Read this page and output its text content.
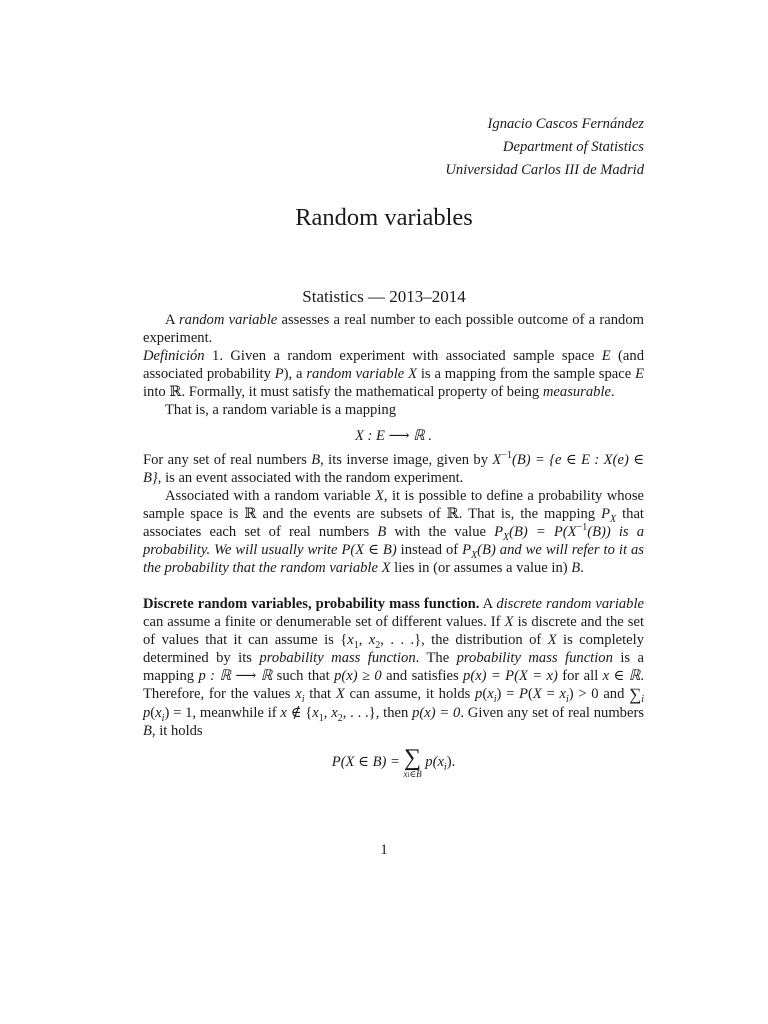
Ignacio Cascos Fernández
Department of Statistics
Universidad Carlos III de Madrid
Random variables
Statistics — 2013–2014

A random variable assesses a real number to each possible outcome of a random experiment.

Definición 1. Given a random experiment with associated sample space E (and associated probability P), a random variable X is a mapping from the sample space E into ℝ. Formally, it must satisfy the mathematical property of being measurable.

That is, a random variable is a mapping

X : E ⟶ ℝ .

For any set of real numbers B, its inverse image, given by $X^{-1}(B) = \{e$ ∈ E : X(e) ∈ B}, is an event associated with the random experiment.

Associated with a random variable X, it is possible to define a probability whose sample space is ℝ and the events are subsets of ℝ. That is, the mapping $P_X$ that associates each set of real numbers B with the value $P_X(B) = P(X^{-1}(B))$ is a probability. We will usually write P(X ∈ B) instead of $P_X(B)$ and we will refer to it as the probability that the random variable X lies in (or assumes a value in) B.

Discrete random variables, probability mass function. A discrete random variable can assume a finite or denumerable set of different values. If X is discrete and the set of values that it can assume is {$x_1$, $x_2$, . . .}, the distribution of X is completely determined by its probability mass function. The probability mass function is a mapping p : ℝ ⟶ ℝ such that p(x) ≥ 0 and satisfies p(x) = P(X = x) for all x ∈ ℝ. Therefore, for the values $x_i$ that X can assume, it holds $p(x_i) = P(X = x_i) > 0$ and $\sum_i$ $p(x_i) = 1$, meanwhile if x ∉ {$x_1$, $x_2$, . . .}, then p(x) = 0. Given any set of real numbers B, it holds

P(X ∈ B) = ∑
xi∈B
$p(x_i)$.

1
